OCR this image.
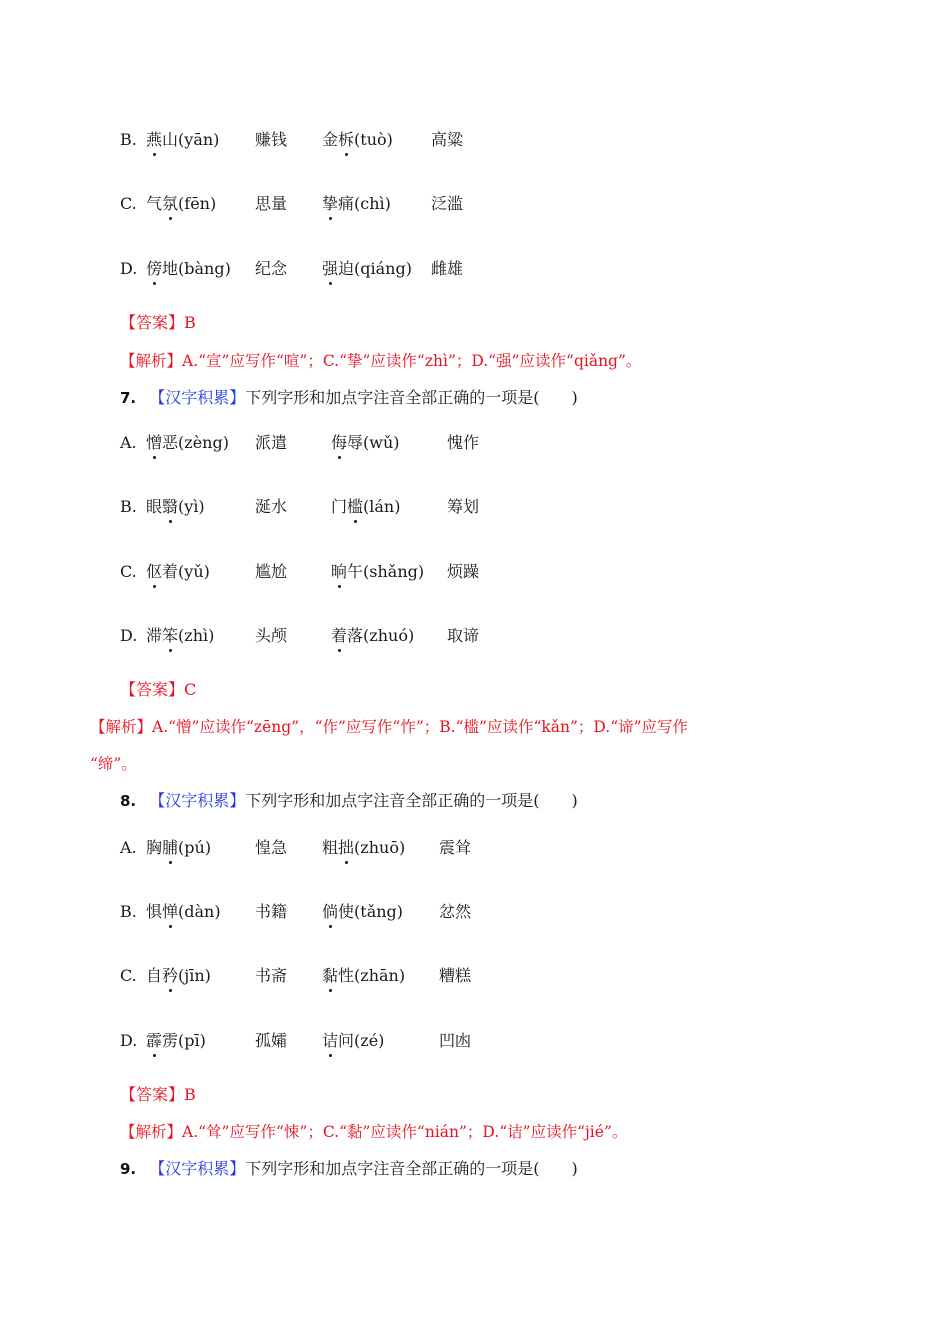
B. 燕山(yān) 赚钱 金柝(tuò) 高粱
C. 气氛(fēn) 思量 挚痛(chì)	泛滥
D. 傍地(bàng) 纪念 强迫(qiáng) 雌雄
【答案】B
【解析】A.“宣”应写作“喧”；C.“挚”应读作“zhì”；D.“强”应读作“qiǎng”。
7. 【汉字积累】下列字形和加点字注音全部正确的一项是(　　)
A. 憎恶(zèng) 派遣	侮辱(wǔ)	愧作
B. 眼翳(yì)	涎水	门槛(lán)	筹划
C. 伛着(yǔ)	尴尬	晌午(shǎng) 烦躁
D. 滞笨(zhì)	头颅	着落(zhuó) 取谛
【答案】C
【解析】A.“憎”应读作“zēng”，“作”应写作“怍”；B.“槛”应读作“kǎn”；D.“谛”应写作
“缔”。
8. 【汉字积累】下列字形和加点字注音全部正确的一项是(　　)
A. 胸脯(pú)	惶急 粗拙(zhuō) 震耸
B. 惧惮(dàn) 书籍 倘使(tǎng) 忿然
C. 自矜(jīn)	书斋 黏性(zhān) 糟糕
D. 霹雳(pī)	孤孀 诘问(zé)	凹凼
【答案】B
【解析】A.“耸”应写作“悚”；C.“黏”应读作“nián”；D.“诘”应读作“jié”。
9. 【汉字积累】下列字形和加点字注音全部正确的一项是(　　)
